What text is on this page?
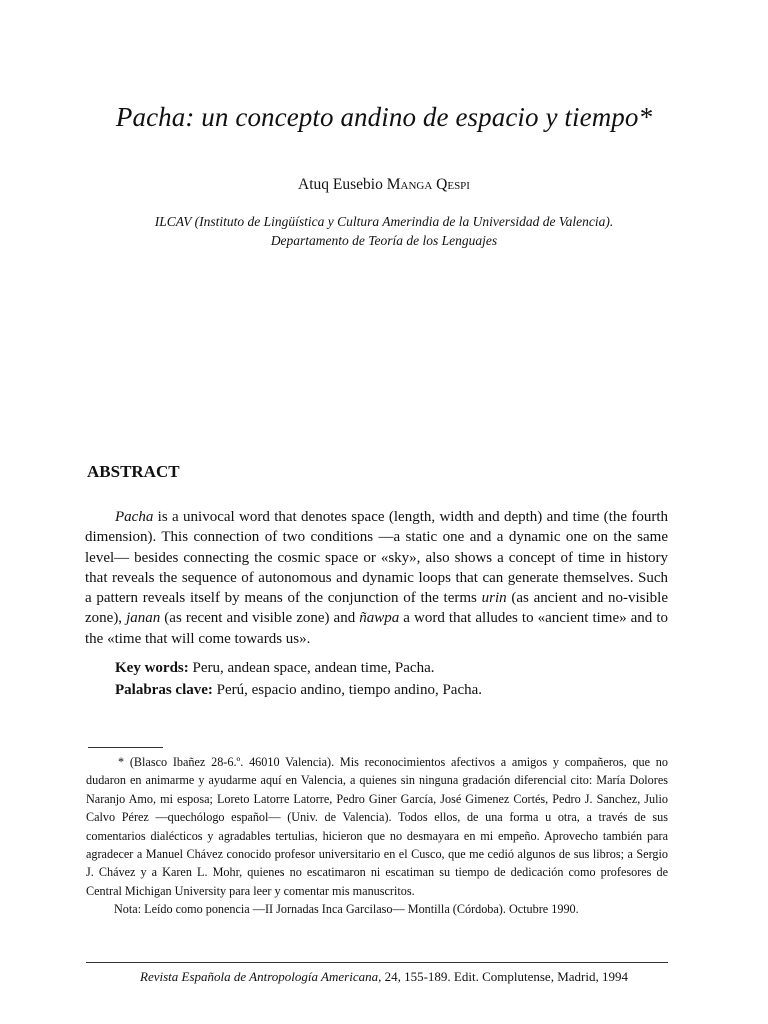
Pacha: un concepto andino de espacio y tiempo*
Atuq Eusebio Manga Qespi
ILCAV (Instituto de Lingüística y Cultura Amerindia de la Universidad de Valencia).
Departamento de Teoría de los Lenguajes
ABSTRACT

Pacha is a univocal word that denotes space (length, width and depth) and time (the fourth dimension). This connection of two conditions —a static one and a dynamic one on the same level— besides connecting the cosmic space or «sky», also shows a concept of time in history that reveals the sequence of autonomous and dynamic loops that can generate themselves. Such a pattern reveals itself by means of the conjunction of the terms urin (as ancient and no-visible zone), janan (as recent and visible zone) and ñawpa a word that alludes to «ancient time» and to the «time that will come towards us».

Key words: Peru, andean space, andean time, Pacha.
Palabras clave: Perú, espacio andino, tiempo andino, Pacha.
* (Blasco Ibañez 28-6.º. 46010 Valencia). Mis reconocimientos afectivos a amigos y compañeros, que no dudaron en animarme y ayudarme aquí en Valencia, a quienes sin ninguna gradación diferencial cito: María Dolores Naranjo Amo, mi esposa; Loreto Latorre Latorre, Pedro Giner García, José Gimenez Cortés, Pedro J. Sanchez, Julio Calvo Pérez —quechólogo español— (Univ. de Valencia). Todos ellos, de una forma u otra, a través de sus comentarios dialécticos y agradables tertulias, hicieron que no desmayara en mi empeño. Aprovecho también para agradecer a Manuel Chávez conocido profesor universitario en el Cusco, que me cedió algunos de sus libros; a Sergio J. Chávez y a Karen L. Mohr, quienes no escatimaron ni escatiman su tiempo de dedicación como profesores de Central Michigan University para leer y comentar mis manuscritos.
Nota: Leído como ponencia —II Jornadas Inca Garcilaso— Montilla (Córdoba). Octubre 1990.
Revista Española de Antropología Americana, 24, 155-189. Edit. Complutense, Madrid, 1994
